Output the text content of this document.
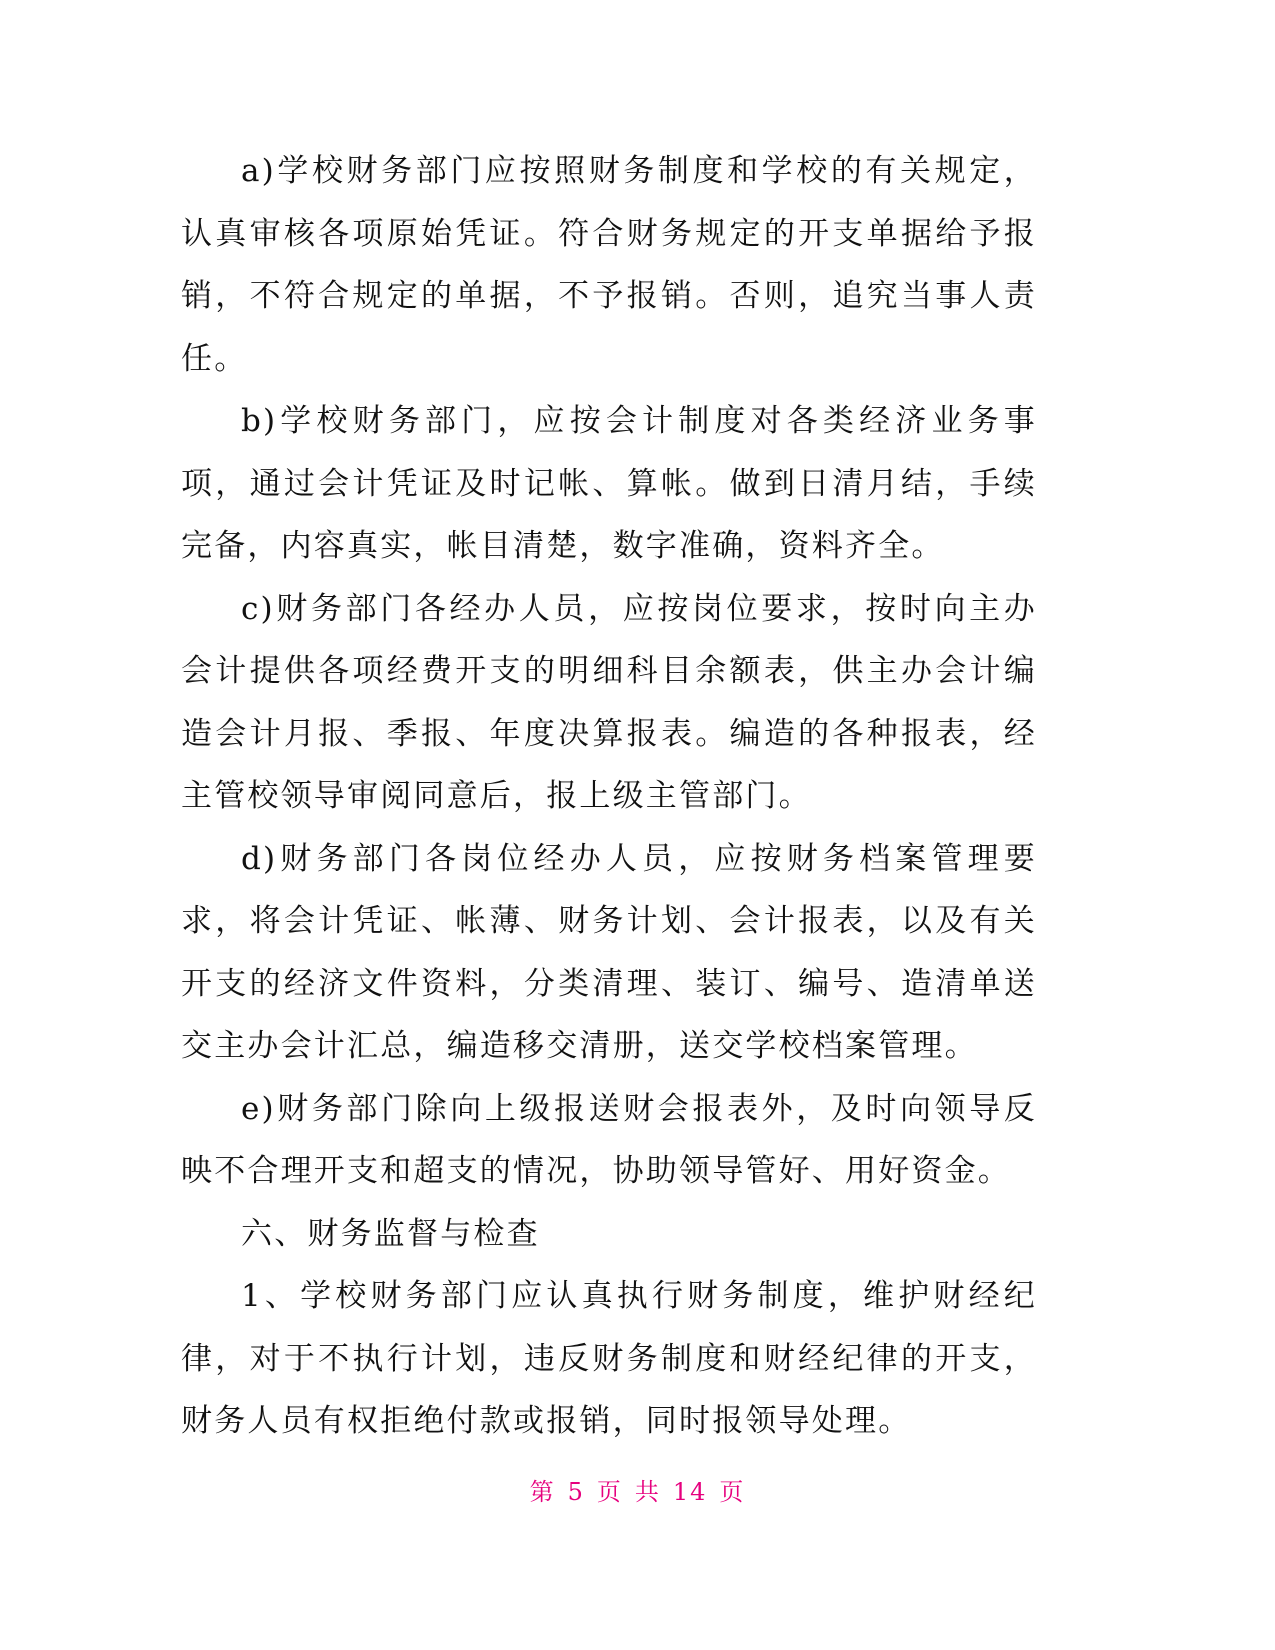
a)学校财务部门应按照财务制度和学校的有关规定，认真审核各项原始凭证。符合财务规定的开支单据给予报销，不符合规定的单据，不予报销。否则，追究当事人责任。

b)学校财务部门，应按会计制度对各类经济业务事项，通过会计凭证及时记帐、算帐。做到日清月结，手续完备，内容真实，帐目清楚，数字准确，资料齐全。

c)财务部门各经办人员，应按岗位要求，按时向主办会计提供各项经费开支的明细科目余额表，供主办会计编造会计月报、季报、年度决算报表。编造的各种报表，经主管校领导审阅同意后，报上级主管部门。

d)财务部门各岗位经办人员，应按财务档案管理要求，将会计凭证、帐薄、财务计划、会计报表，以及有关开支的经济文件资料，分类清理、装订、编号、造清单送交主办会计汇总，编造移交清册，送交学校档案管理。

e)财务部门除向上级报送财会报表外，及时向领导反映不合理开支和超支的情况，协助领导管好、用好资金。

六、财务监督与检查

1、学校财务部门应认真执行财务制度，维护财经纪律，对于不执行计划，违反财务制度和财经纪律的开支，财务人员有权拒绝付款或报销，同时报领导处理。

第 5 页 共 14 页
